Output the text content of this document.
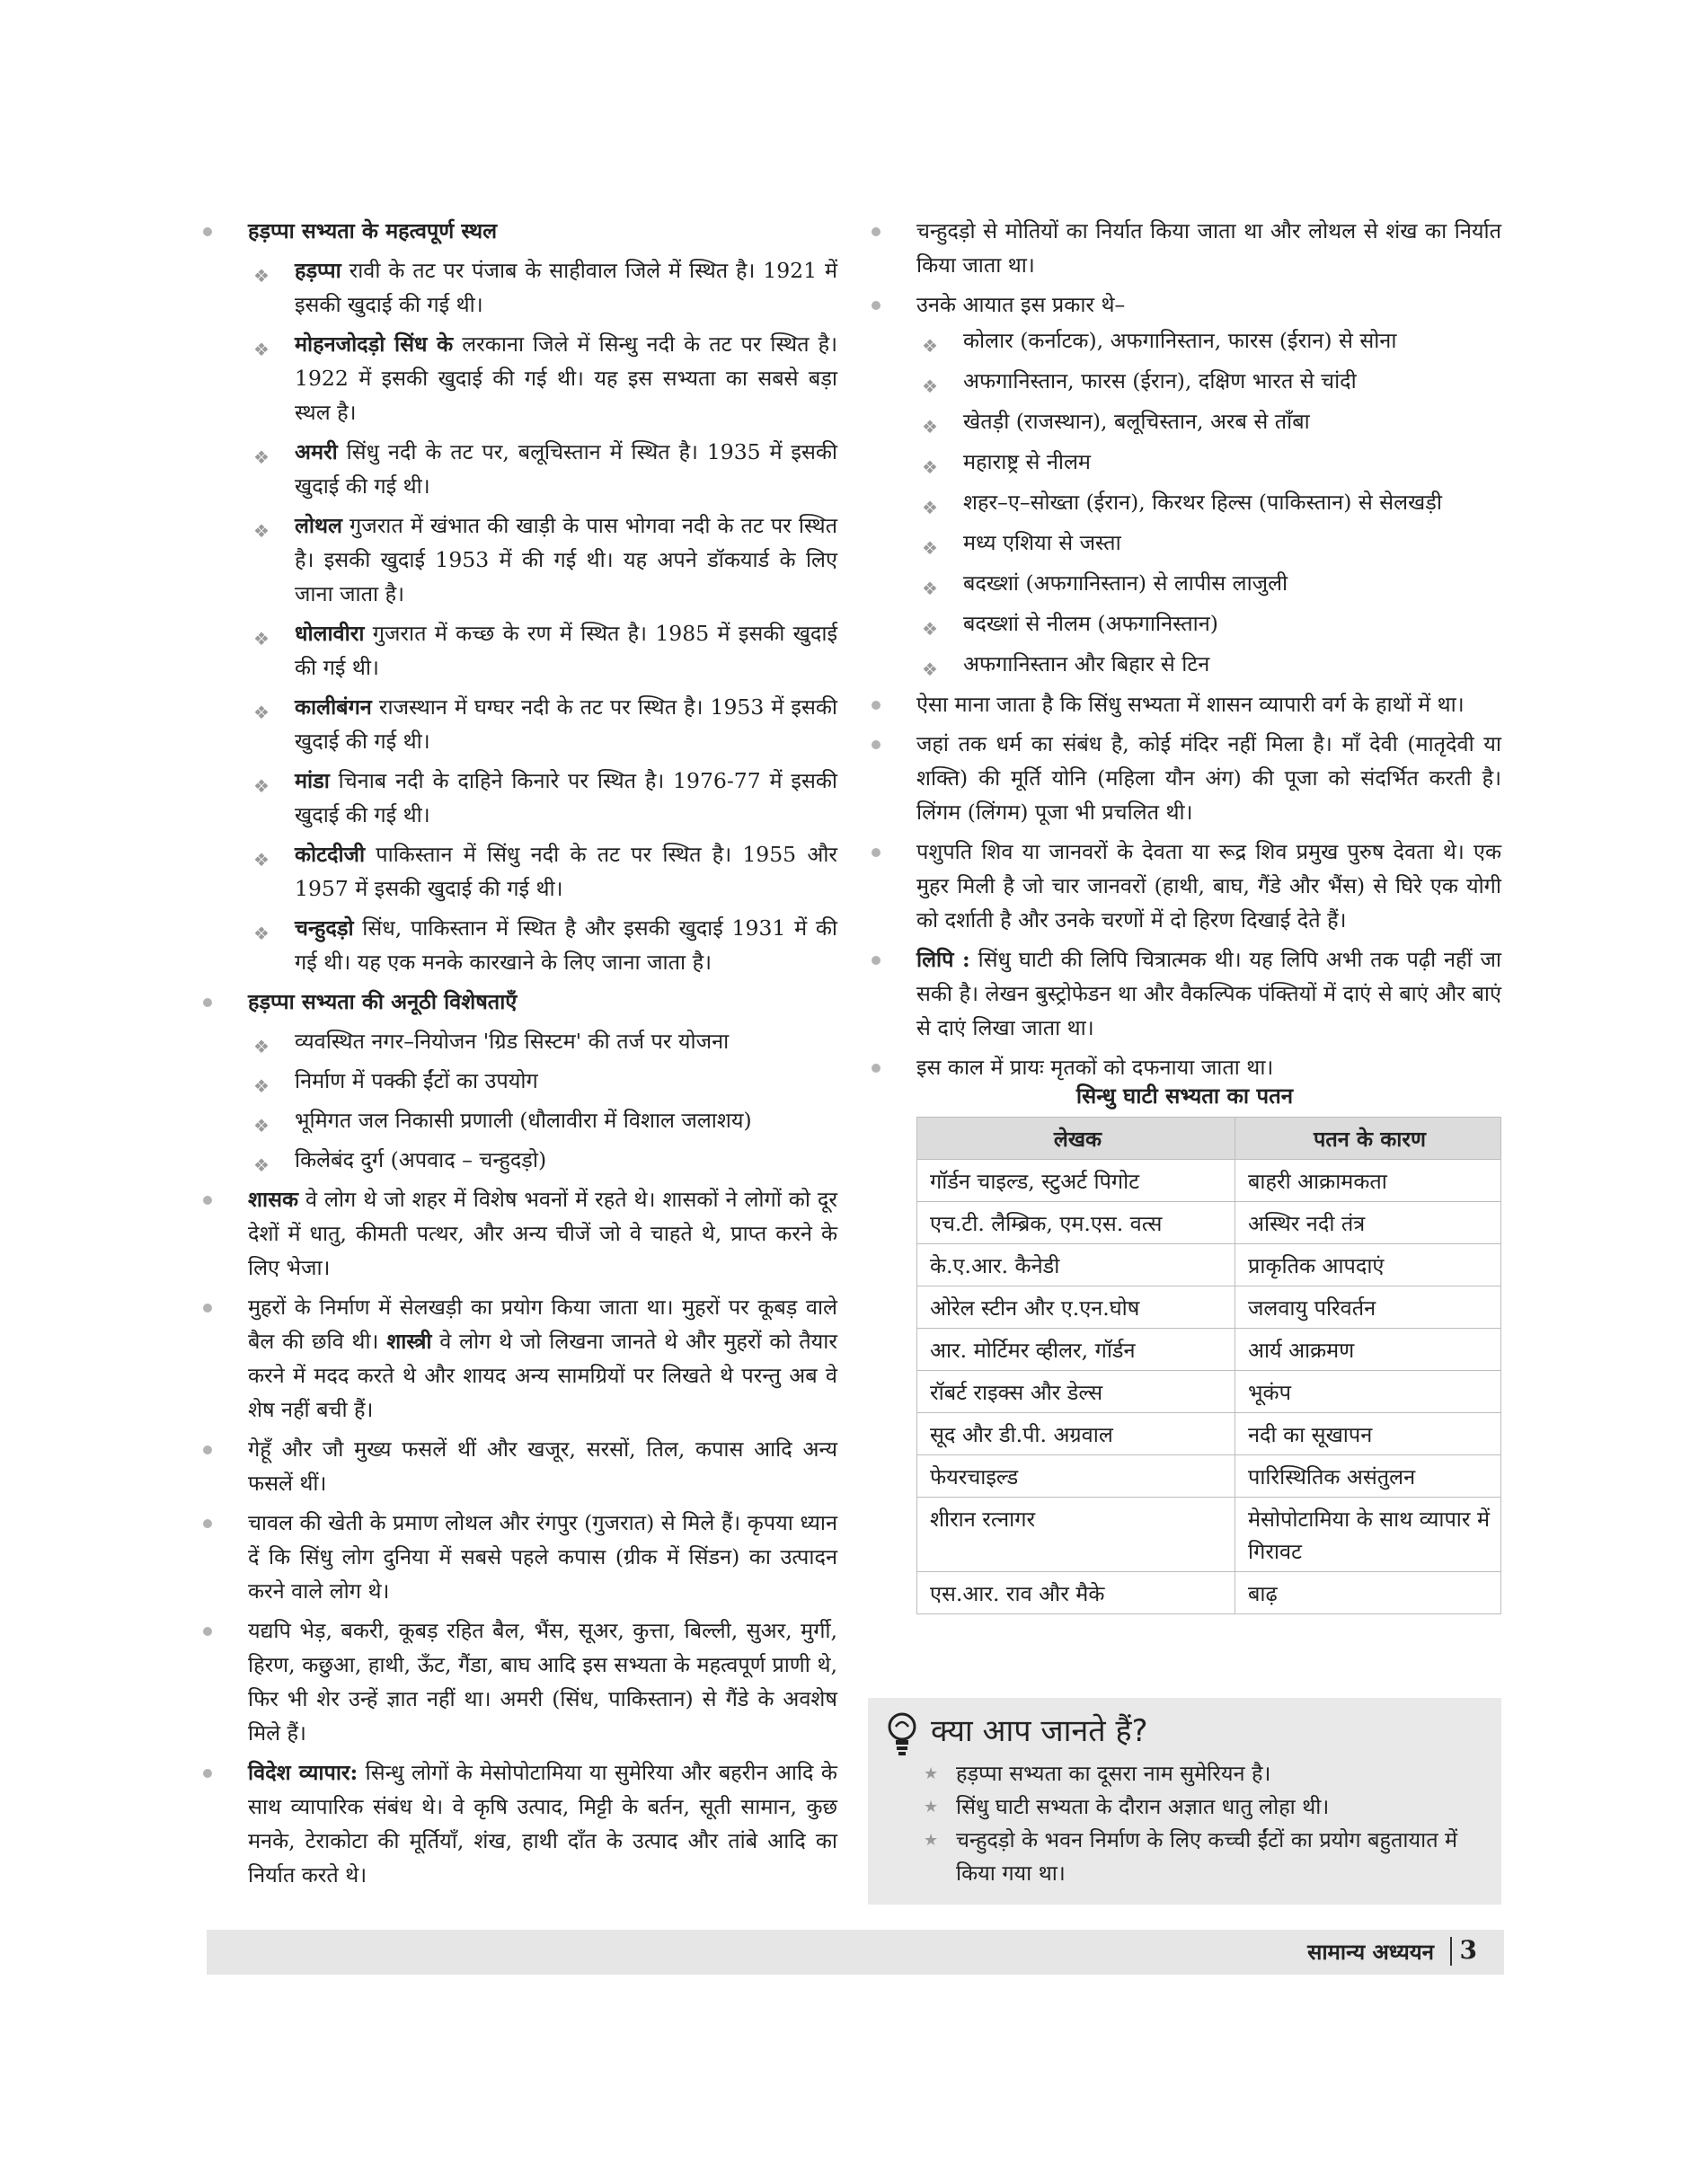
हड़प्पा सभ्यता के महत्वपूर्ण स्थल
❖ हड़प्पा रावी के तट पर पंजाब के साहीवाल जिले में स्थित है। 1921 में इसकी खुदाई की गई थी।
❖ मोहनजोदड़ो सिंध के लरकाना जिले में सिन्धु नदी के तट पर स्थित है। 1922 में इसकी खुदाई की गई थी। यह इस सभ्यता का सबसे बड़ा स्थल है।
❖ अमरी सिंधु नदी के तट पर, बलूचिस्तान में स्थित है। 1935 में इसकी खुदाई की गई थी।
❖ लोथल गुजरात में खंभात की खाड़ी के पास भोगवा नदी के तट पर स्थित है। इसकी खुदाई 1953 में की गई थी। यह अपने डॉकयार्ड के लिए जाना जाता है।
❖ धोलावीरा गुजरात में कच्छ के रण में स्थित है। 1985 में इसकी खुदाई की गई थी।
❖ कालीबंगन राजस्थान में घग्घर नदी के तट पर स्थित है। 1953 में इसकी खुदाई की गई थी।
❖ मांडा चिनाब नदी के दाहिने किनारे पर स्थित है। 1976-77 में इसकी खुदाई की गई थी।
❖ कोटदीजी पाकिस्तान में सिंधु नदी के तट पर स्थित है। 1955 और 1957 में इसकी खुदाई की गई थी।
❖ चन्हुदड़ो सिंध, पाकिस्तान में स्थित है और इसकी खुदाई 1931 में की गई थी। यह एक मनके कारखाने के लिए जाना जाता है।
हड़प्पा सभ्यता की अनूठी विशेषताएँ
❖ व्यवस्थित नगर–नियोजन 'ग्रिड सिस्टम' की तर्ज पर योजना
❖ निर्माण में पक्की ईंटों का उपयोग
❖ भूमिगत जल निकासी प्रणाली (धौलावीरा में विशाल जलाशय)
❖ किलेबंद दुर्ग (अपवाद – चन्हुदड़ो)
शासक वे लोग थे जो शहर में विशेष भवनों में रहते थे। शासकों ने लोगों को दूर देशों में धातु, कीमती पत्थर, और अन्य चीजें जो वे चाहते थे, प्राप्त करने के लिए भेजा।
मुहरों के निर्माण में सेलखड़ी का प्रयोग किया जाता था। मुहरों पर कूबड़ वाले बैल की छवि थी। शास्त्री वे लोग थे जो लिखना जानते थे और मुहरों को तैयार करने में मदद करते थे और शायद अन्य सामग्रियों पर लिखते थे परन्तु अब वे शेष नहीं बची हैं।
गेहूँ और जौ मुख्य फसलें थीं और खजूर, सरसों, तिल, कपास आदि अन्य फसलें थीं।
चावल की खेती के प्रमाण लोथल और रंगपुर (गुजरात) से मिले हैं। कृपया ध्यान दें कि सिंधु लोग दुनिया में सबसे पहले कपास (ग्रीक में सिंडन) का उत्पादन करने वाले लोग थे।
यद्यपि भेड़, बकरी, कूबड़ रहित बैल, भैंस, सूअर, कुत्ता, बिल्ली, सुअर, मुर्गी, हिरण, कछुआ, हाथी, ऊँट, गैंडा, बाघ आदि इस सभ्यता के महत्वपूर्ण प्राणी थे, फिर भी शेर उन्हें ज्ञात नहीं था। अमरी (सिंध, पाकिस्तान) से गैंडे के अवशेष मिले हैं।
विदेश व्यापार: सिन्धु लोगों के मेसोपोटामिया या सुमेरिया और बहरीन आदि के साथ व्यापारिक संबंध थे। वे कृषि उत्पाद, मिट्टी के बर्तन, सूती सामान, कुछ मनके, टेराकोटा की मूर्तियाँ, शंख, हाथी दाँत के उत्पाद और तांबे आदि का निर्यात करते थे।
चन्हुदड़ो से मोतियों का निर्यात किया जाता था और लोथल से शंख का निर्यात किया जाता था।
उनके आयात इस प्रकार थे–
❖ कोलार (कर्नाटक), अफगानिस्तान, फारस (ईरान) से सोना
❖ अफगानिस्तान, फारस (ईरान), दक्षिण भारत से चांदी
❖ खेतड़ी (राजस्थान), बलूचिस्तान, अरब से ताँबा
❖ महाराष्ट्र से नीलम
❖ शहर–ए–सोख्ता (ईरान), किरथर हिल्स (पाकिस्तान) से सेलखड़ी
❖ मध्य एशिया से जस्ता
❖ बदख्शां (अफगानिस्तान) से लापीस लाजुली
❖ बदख्शां से नीलम (अफगानिस्तान)
❖ अफगानिस्तान और बिहार से टिन
ऐसा माना जाता है कि सिंधु सभ्यता में शासन व्यापारी वर्ग के हाथों में था।
जहां तक धर्म का संबंध है, कोई मंदिर नहीं मिला है। माँ देवी (मातृदेवी या शक्ति) की मूर्ति योनि (महिला यौन अंग) की पूजा को संदर्भित करती है। लिंगम (लिंगम) पूजा भी प्रचलित थी।
पशुपति शिव या जानवरों के देवता या रूद्र शिव प्रमुख पुरुष देवता थे। एक मुहर मिली है जो चार जानवरों (हाथी, बाघ, गैंडे और भैंस) से घिरे एक योगी को दर्शाती है और उनके चरणों में दो हिरण दिखाई देते हैं।
लिपि : सिंधु घाटी की लिपि चित्रात्मक थी। यह लिपि अभी तक पढ़ी नहीं जा सकी है। लेखन बुस्ट्रोफेडन था और वैकल्पिक पंक्तियों में दाएं से बाएं और बाएं से दाएं लिखा जाता था।
इस काल में प्रायः मृतकों को दफनाया जाता था।
सिन्धु घाटी सभ्यता का पतन
लेखक	पतन के कारण
गॉर्डन चाइल्ड, स्टुअर्ट पिगोट	बाहरी आक्रामकता
एच.टी. लैम्ब्रिक, एम.एस. वत्स	अस्थिर नदी तंत्र
के.ए.आर. कैनेडी	प्राकृतिक आपदाएं
ओरेल स्टीन और ए.एन.घोष	जलवायु परिवर्तन
आर. मोर्टिमर व्हीलर, गॉर्डन	आर्य आक्रमण
रॉबर्ट राइक्स और डेल्स	भूकंप
सूद और डी.पी. अग्रवाल	नदी का सूखापन
फेयरचाइल्ड	पारिस्थितिक असंतुलन
शीरान रत्नागर	मेसोपोटामिया के साथ व्यापार में गिरावट
एस.आर. राव और मैके	बाढ़
क्या आप जानते हैं?
★ हड़प्पा सभ्यता का दूसरा नाम सुमेरियन है।
★ सिंधु घाटी सभ्यता के दौरान अज्ञात धातु लोहा थी।
★ चन्हुदड़ो के भवन निर्माण के लिए कच्ची ईंटों का प्रयोग बहुतायात में किया गया था।
सामान्य अध्ययन 3
